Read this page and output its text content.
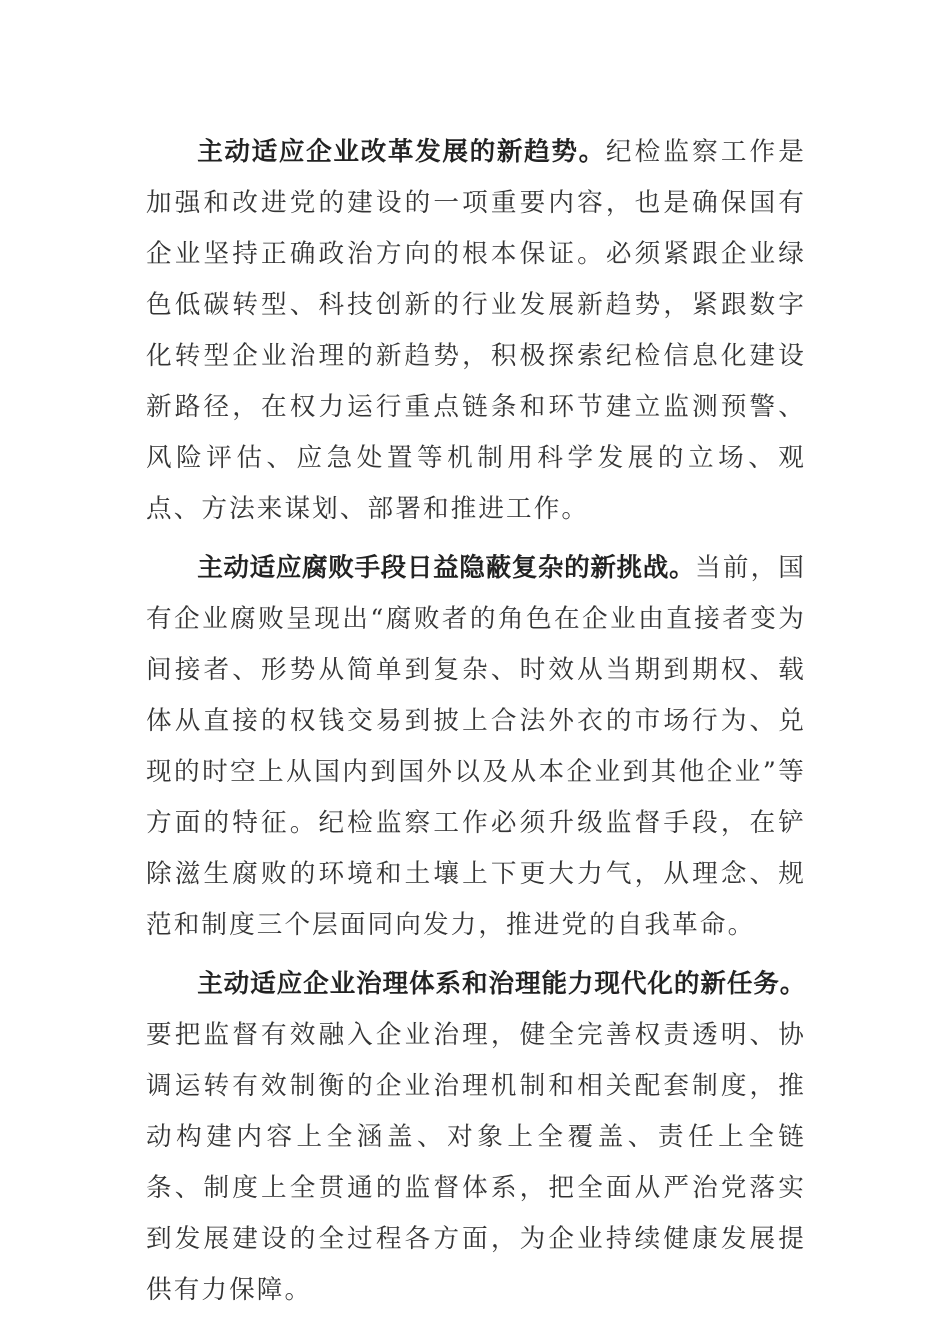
主动适应企业改革发展的新趋势。纪检监察工作是加强和改进党的建设的一项重要内容，也是确保国有企业坚持正确政治方向的根本保证。必须紧跟企业绿色低碳转型、科技创新的行业发展新趋势，紧跟数字化转型企业治理的新趋势，积极探索纪检信息化建设新路径，在权力运行重点链条和环节建立监测预警、风险评估、应急处置等机制用科学发展的立场、观点、方法来谋划、部署和推进工作。

主动适应腐败手段日益隐蔽复杂的新挑战。当前，国有企业腐败呈现出“腐败者的角色在企业由直接者变为间接者、形势从简单到复杂、时效从当期到期权、载体从直接的权钱交易到披上合法外衣的市场行为、兑现的时空上从国内到国外以及从本企业到其他企业”等方面的特征。纪检监察工作必须升级监督手段，在铲除滋生腐败的环境和土壤上下更大力气，从理念、规范和制度三个层面同向发力，推进党的自我革命。

主动适应企业治理体系和治理能力现代化的新任务。要把监督有效融入企业治理，健全完善权责透明、协调运转有效制衡的企业治理机制和相关配套制度，推动构建内容上全涵盖、对象上全覆盖、责任上全链条、制度上全贯通的监督体系，把全面从严治党落实到发展建设的全过程各方面，为企业持续健康发展提供有力保障。
